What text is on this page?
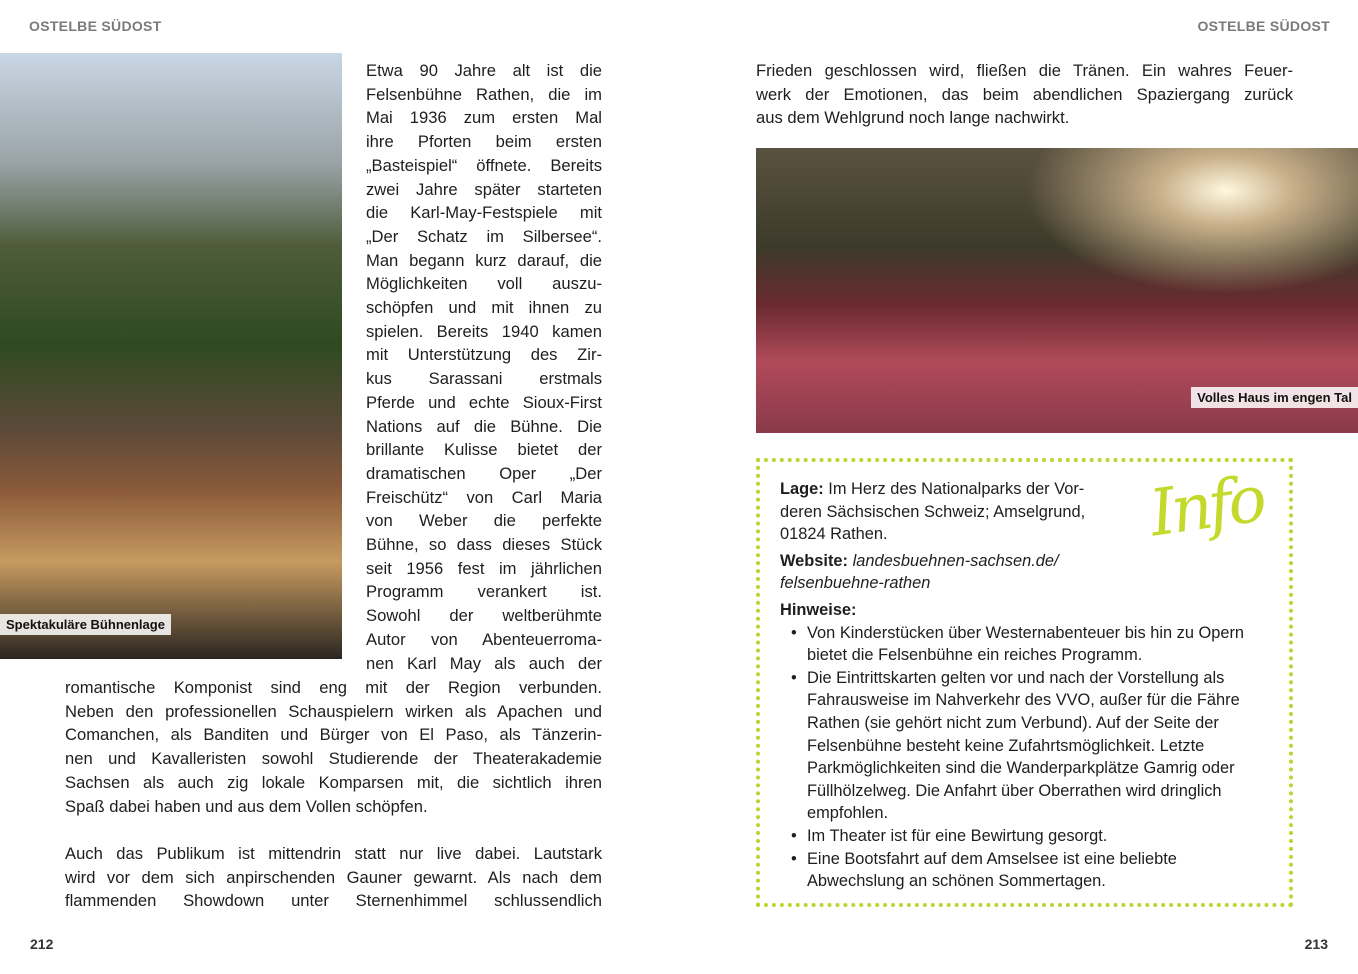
OSTELBE SÜDOST	OSTELBE SÜDOST
Spektakuläre Bühnenlage
Etwa 90 Jahre alt ist die
Felsenbühne Rathen, die im
Mai 1936 zum ersten Mal
ihre Pforten beim ersten
„Basteispiel“ öffnete. Bereits
zwei Jahre später starteten
die Karl-May-Festspiele mit
„Der Schatz im Silbersee“.
Man begann kurz darauf, die
Möglichkeiten voll auszu-
schöpfen und mit ihnen zu
spielen. Bereits 1940 kamen
mit Unterstützung des Zir-
kus Sarassani erstmals
Pferde und echte Sioux-First
Nations auf die Bühne. Die
brillante Kulisse bietet der
dramatischen Oper „Der
Freischütz“ von Carl Maria
von Weber die perfekte
Bühne, so dass dieses Stück
seit 1956 fest im jährlichen
Programm verankert ist.
Sowohl der weltberühmte
Autor von Abenteuerroma-
nen Karl May als auch der
romantische Komponist sind eng mit der Region verbunden.
Neben den professionellen Schauspielern wirken als Apachen und
Comanchen, als Banditen und Bürger von El Paso, als Tänzerin-
nen und Kavalleristen sowohl Studierende der Theaterakademie
Sachsen als auch zig lokale Komparsen mit, die sichtlich ihren
Spaß dabei haben und aus dem Vollen schöpfen.
Auch das Publikum ist mittendrin statt nur live dabei. Lautstark
wird vor dem sich anpirschenden Gauner gewarnt. Als nach dem
flammenden Showdown unter Sternenhimmel schlussendlich
Frieden geschlossen wird, fließen die Tränen. Ein wahres Feuer-
werk der Emotionen, das beim abendlichen Spaziergang zurück
aus dem Wehlgrund noch lange nachwirkt.
Volles Haus im engen Tal
Info
Lage: Im Herz des Nationalparks der Vor-
deren Sächsischen Schweiz; Amselgrund,
01824 Rathen.
Website: landesbuehnen-sachsen.de/
felsenbuehne-rathen
Hinweise:
• Von Kinderstücken über Westernabenteuer bis hin zu Opern bietet die Felsenbühne ein reiches Programm.
• Die Eintrittskarten gelten vor und nach der Vorstellung als Fahrausweise im Nahverkehr des VVO, außer für die Fähre Rathen (sie gehört nicht zum Verbund). Auf der Seite der Felsenbühne besteht keine Zufahrtsmöglichkeit. Letzte Parkmöglichkeiten sind die Wanderparkplätze Gamrig oder Füllhölzelweg. Die Anfahrt über Oberrathen wird dringlich empfohlen.
• Im Theater ist für eine Bewirtung gesorgt.
• Eine Bootsfahrt auf dem Amselsee ist eine beliebte Abwechslung an schönen Sommertagen.
212	213
